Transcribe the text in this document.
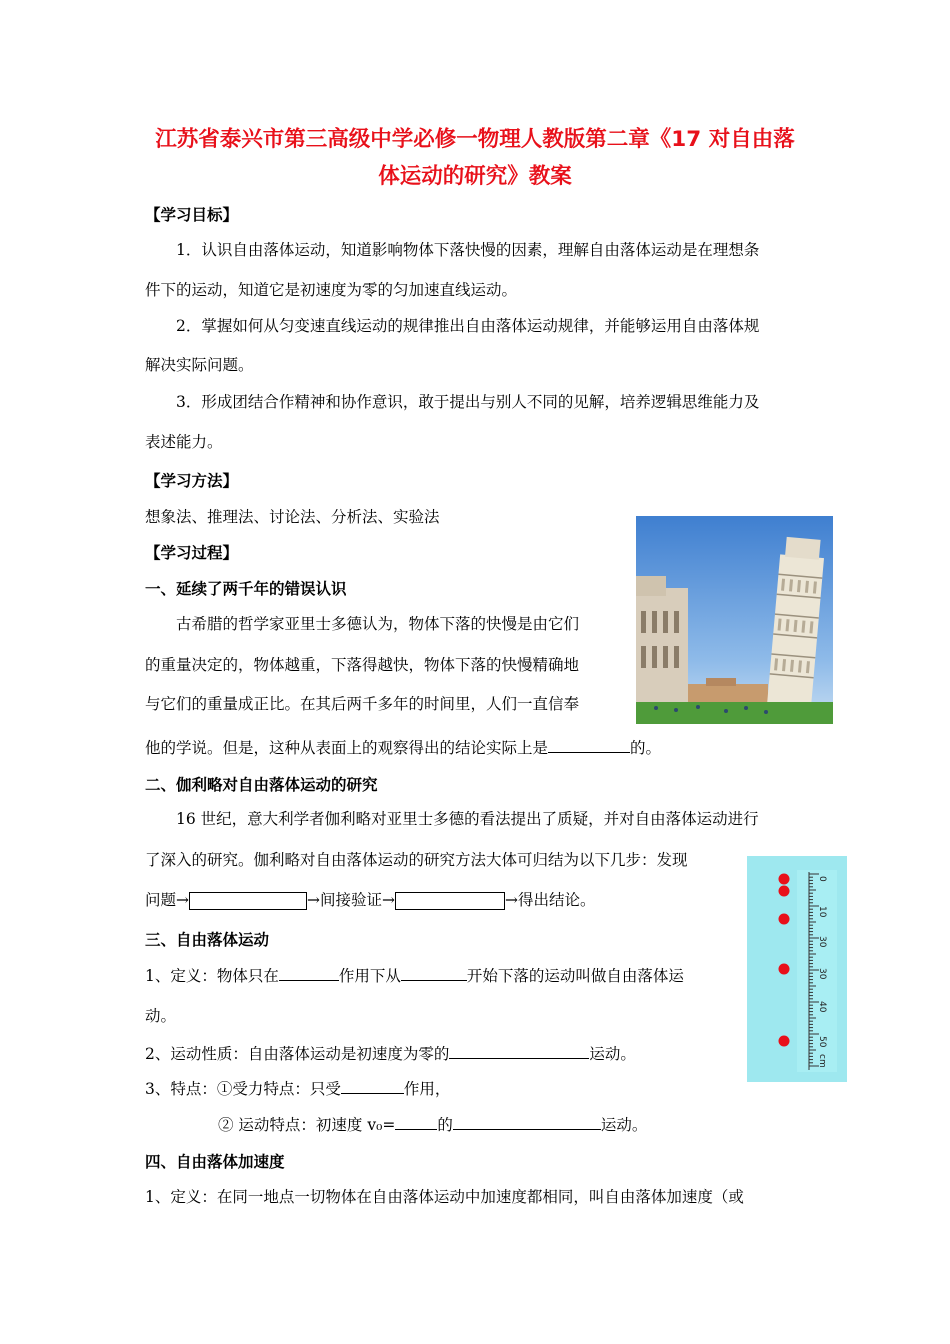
江苏省泰兴市第三高级中学必修一物理人教版第二章《17 对自由落
体运动的研究》教案
【学习目标】
1．认识自由落体运动，知道影响物体下落快慢的因素，理解自由落体运动是在理想条
件下的运动，知道它是初速度为零的匀加速直线运动。
2．掌握如何从匀变速直线运动的规律推出自由落体运动规律，并能够运用自由落体规
解决实际问题。
3．形成团结合作精神和协作意识，敢于提出与别人不同的见解，培养逻辑思维能力及
表述能力。
【学习方法】
想象法、推理法、讨论法、分析法、实验法
【学习过程】
一、延续了两千年的错误认识
古希腊的哲学家亚里士多德认为，物体下落的快慢是由它们
的重量决定的，物体越重，下落得越快，物体下落的快慢精确地
与它们的重量成正比。在其后两千多年的时间里，人们一直信奉
他的学说。但是，这种从表面上的观察得出的结论实际上是	的。
二、伽利略对自由落体运动的研究
16 世纪，意大利学者伽利略对亚里士多德的看法提出了质疑，并对自由落体运动进行
了深入的研究。伽利略对自由落体运动的研究方法大体可归结为以下几步：发现
问题→	→间接验证→	→得出结论。
0
10
30
30
40
50
cm
三、自由落体运动
1、定义：物体只在	作用下从	开始下落的运动叫做自由落体运
动。
2、运动性质：自由落体运动是初速度为零的	运动。
3、特点：①受力特点：只受	作用，
② 运动特点：初速度 v₀=	的	运动。
四、自由落体加速度
1、定义：在同一地点一切物体在自由落体运动中加速度都相同，叫自由落体加速度（或
